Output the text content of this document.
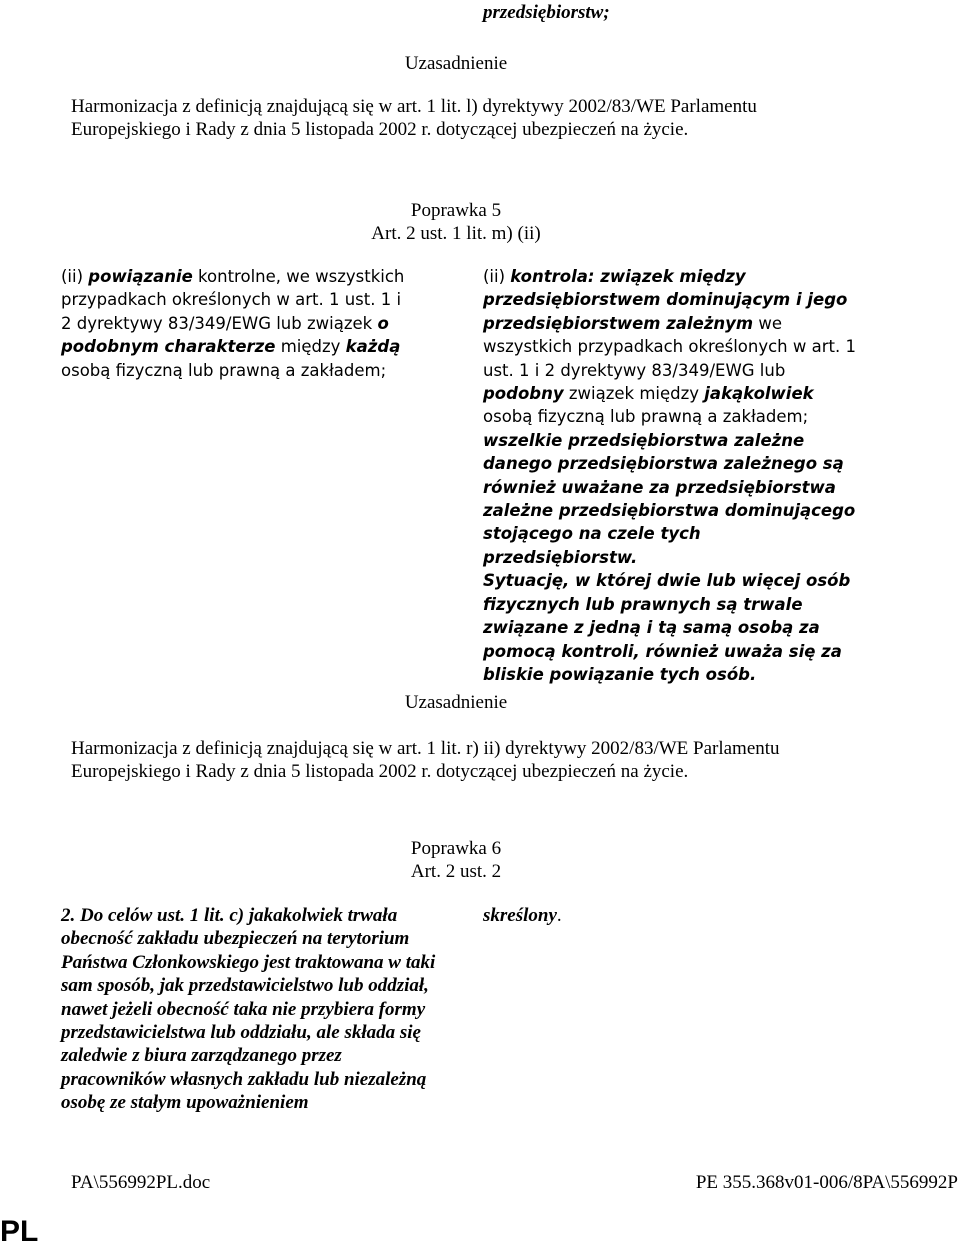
przedsiębiorstw;
Uzasadnienie

Harmonizacja z definicją znajdującą się w art. 1 lit. l) dyrektywy 2002/83/WE Parlamentu

Europejskiego i Rady z dnia 5 listopada 2002 r. dotyczącej ubezpieczeń na życie.

Poprawka 5
Art. 2 ust. 1 lit. m) (ii)
(ii) powiązanie kontrolne, we wszystkich przypadkach określonych w art. 1 ust. 1 i 2 dyrektywy 83/349/EWG lub związek o podobnym charakterze między każdą osobą fizyczną lub prawną a zakładem;
(ii) kontrola: związek między przedsiębiorstwem dominującym i jego przedsiębiorstwem zależnym we wszystkich przypadkach określonych w art. 1 ust. 1 i 2 dyrektywy 83/349/EWG lub podobny związek między jakąkolwiek osobą fizyczną lub prawną a zakładem; wszelkie przedsiębiorstwa zależne danego przedsiębiorstwa zależnego są również uważane za przedsiębiorstwa zależne przedsiębiorstwa dominującego stojącego na czele tych przedsiębiorstw.
Sytuację, w której dwie lub więcej osób fizycznych lub prawnych są trwale związane z jedną i tą samą osobą za pomocą kontroli, również uważa się za bliskie powiązanie tych osób.
Uzasadnienie

Harmonizacja z definicją znajdującą się w art. 1 lit. r) ii) dyrektywy 2002/83/WE Parlamentu

Europejskiego i Rady z dnia 5 listopada 2002 r. dotyczącej ubezpieczeń na życie.

Poprawka 6
Art. 2 ust. 2
2. Do celów ust. 1 lit. c) jakakolwiek trwała obecność zakładu ubezpieczeń na terytorium Państwa Członkowskiego jest traktowana w taki sam sposób, jak przedstawicielstwo lub oddział, nawet jeżeli obecność taka nie przybiera formy przedstawicielstwa lub oddziału, ale składa się zaledwie z biura zarządzanego przez pracowników własnych zakładu lub niezależną osobę ze stałym upoważnieniem
skreślony.
PA\556992PL.doc	PE 355.368v01-006/8PA\556992P
PL
